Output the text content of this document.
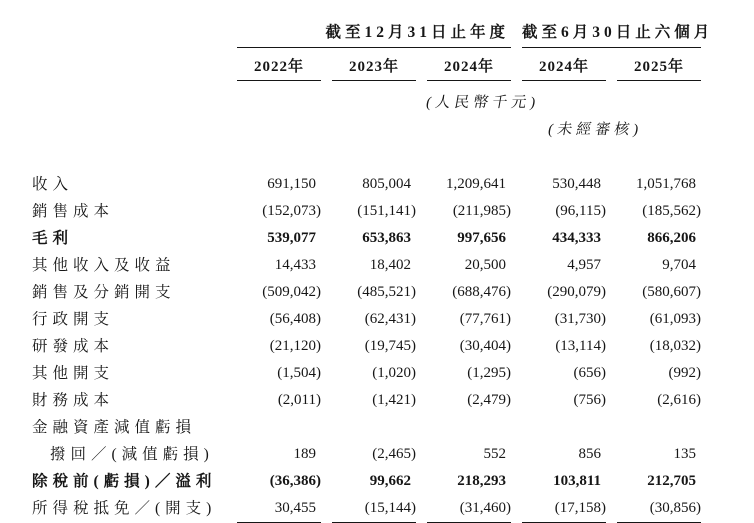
截至12月31日止年度 截至6月30日止六個月
2022年	2023年	2024年	2024年	2025年
(人民幣千元)
(未經審核)
收入	691,150	805,004	1,209,641	530,448	1,051,768
銷售成本	(152,073)	(151,141)	(211,985)	(96,115)	(185,562)
毛利	539,077	653,863	997,656	434,333	866,206
其他收入及收益	14,433	18,402	20,500	4,957	9,704
銷售及分銷開支	(509,042)	(485,521)	(688,476)	(290,079)	(580,607)
行政開支	(56,408)	(62,431)	(77,761)	(31,730)	(61,093)
研發成本	(21,120)	(19,745)	(30,404)	(13,114)	(18,032)
其他開支	(1,504)	(1,020)	(1,295)	(656)	(992)
財務成本	(2,011)	(1,421)	(2,479)	(756)	(2,616)
金融資產減值虧損
撥回／(減值虧損)	189	(2,465)	552	856	135
除稅前(虧損)／溢利	(36,386)	99,662	218,293	103,811	212,705
所得稅抵免／(開支)	30,455	(15,144)	(31,460)	(17,158)	(30,856)
